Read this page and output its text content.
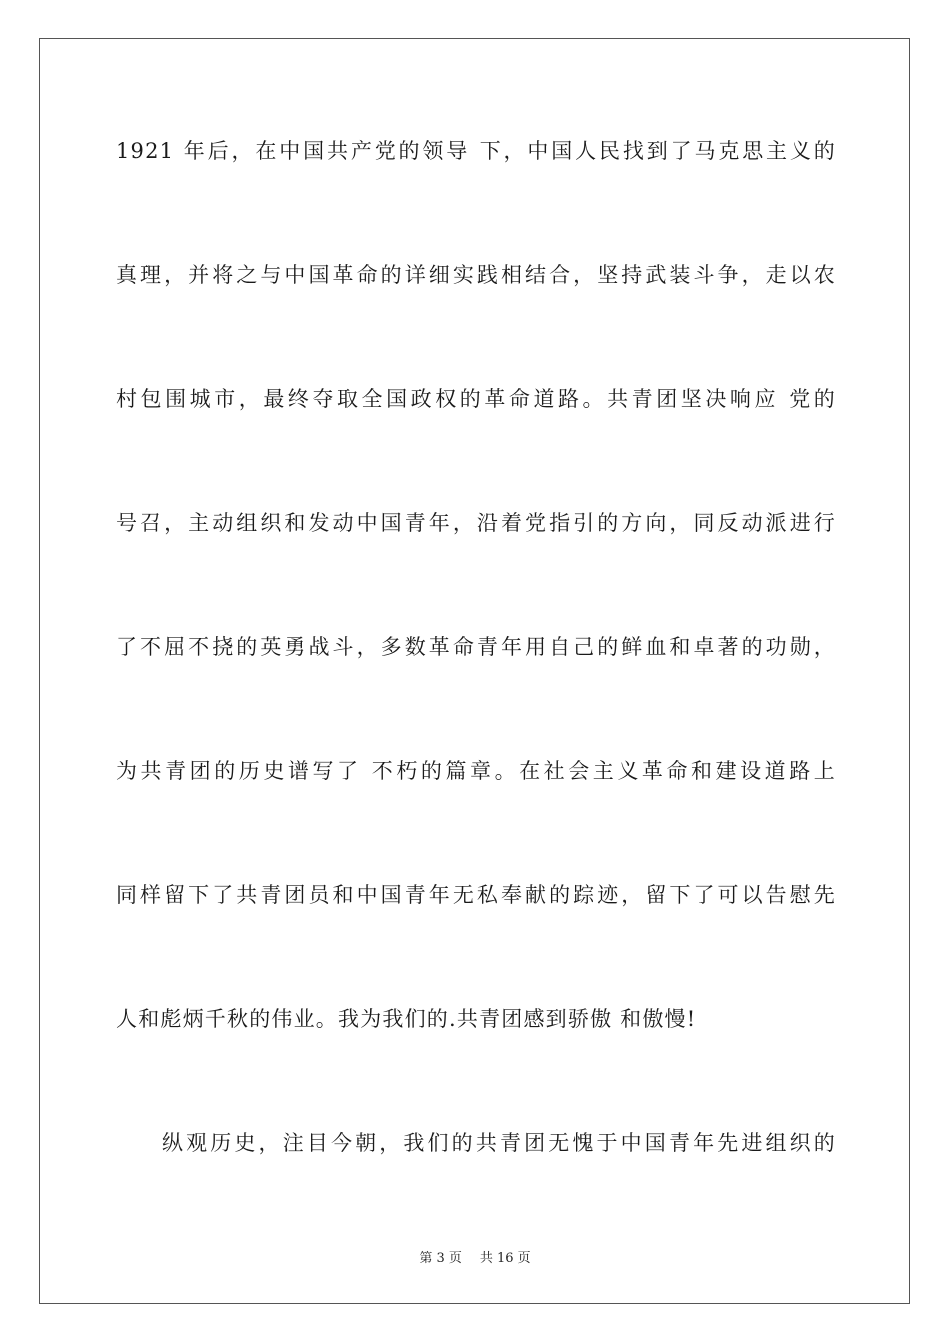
1921 年后，在中国共产党的领导 下，中国人民找到了马克思主义的
真理，并将之与中国革命的详细实践相结合，坚持武装斗争，走以农
村包围城市，最终夺取全国政权的革命道路。共青团坚决响应 党的
号召，主动组织和发动中国青年，沿着党指引的方向，同反动派进行
了不屈不挠的英勇战斗，多数革命青年用自己的鲜血和卓著的功勋，
为共青团的历史谱写了 不朽的篇章。在社会主义革命和建设道路上
同样留下了共青团员和中国青年无私奉献的踪迹，留下了可以告慰先
人和彪炳千秋的伟业。我为我们的.共青团感到骄傲 和傲慢!
纵观历史，注目今朝，我们的共青团无愧于中国青年先进组织的
第 3 页 共 16 页
